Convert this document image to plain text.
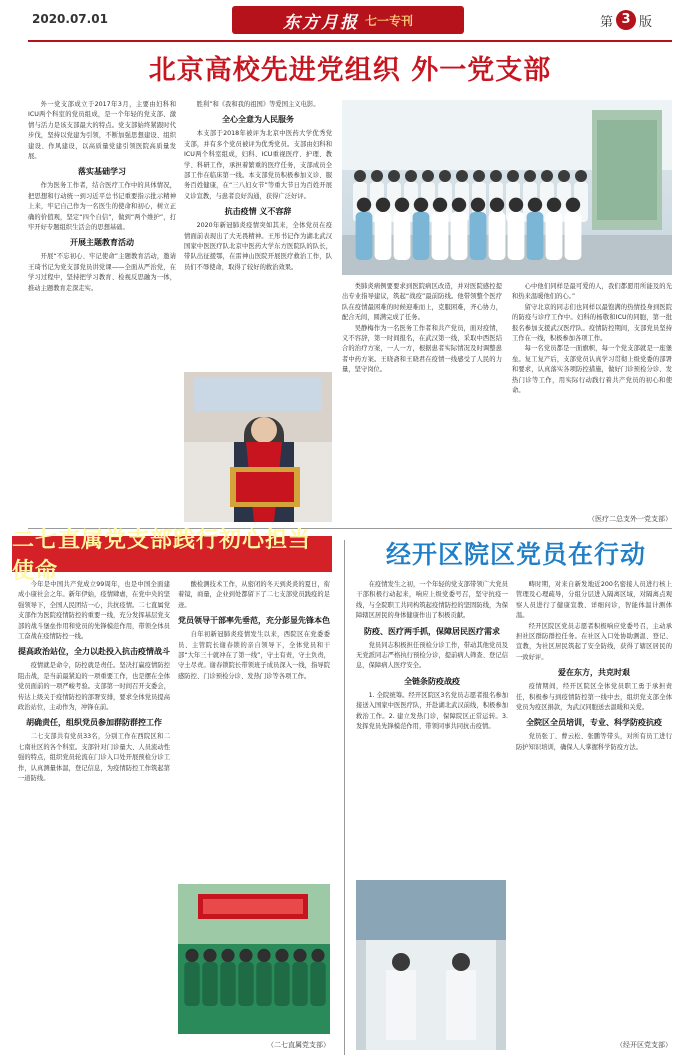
2020.07.01	东方月报 七一专刊	第 3 版
北京高校先进党组织 外一党支部

外一党支部成立于2017年3月，主要由妇科和ICU两个科室的党员组成，是一个年轻的党支部、激情与活力是该支部最大的特点。党支部始终紧跟时代步伐，坚持以党建为引领，不断加强思想建设、组织建设、作风建设，以高质量党建引领医院高质量发展。

落实基础学习

作为医务工作者，结合医疗工作中的具体情况，把思想和行动统一到习近平总书记重要指示批示精神上来，牢记自己作为一名医生的使命和初心，树立正确的价值观，坚定“四个自信”，做到“两个维护”，打牢开好专题组织生活会的思想基础。

开展主题教育活动

开展“不忘初心、牢记使命”主题教育活动，邀请王琦书记为党支部党员讲党课——全面从严治党，在学习过程中，坚持把学习教育、检视反思融为一体，推动主题教育走深走实。

胜利”和《我和我的祖国》等爱国主义电影。

全心全意为人民服务

本支部于2018年被评为北京中医药大学优秀党支部，并有多个党员被评为优秀党员。支部由妇科和ICU两个科室组成，妇科、ICU重视医疗、护理、教学、科研工作，承担着繁重的医疗任务，支部成员全部工作在临床第一线。本支部党员积极参加义诊、服务百姓健康，在“三八妇女节”等重大节日为百姓开展义诊宣教，与患者良好沟通，获得广泛好评。

抗击疫情 义不容辞

2020年新冠肺炎疫情突如其来，全体党员在疫情面前表现出了大无畏精神。王彤书记作为湖北武汉国家中医医疗队北京中医药大学东方医院队的队长，带队出征援鄂，在雷神山医院开展医疗救治工作，队员们不辱使命，取得了较好的救治效果。

类肺炎病例要要求到医院病区改造，并对医院感控提出专业指导建议，筑起“战疫”最前防线。他带领整个医疗队在疫情最困难的时候迎难而上，克服困难，齐心协力，配合无间，圆满完成了任务。

吴静梅作为一名医务工作者和共产党员，面对疫情，义不容辞，第一时间报名，在武汉第一线，采取中西医结合的治疗方案，一人一方，根据患者实际情况及时调整患者中药方案。王晓斋和王晓君在疫情一线感受了人民的力量，坚守岗位。

心中他们同样是最可爱的人，我们都愿用所能及的光和热来温暖他们的心。”

留守北京的同志们也同样以最饱满的热情投身到医院的防疫与诊疗工作中。妇科的杨敬和ICU的同胞，第一批报名参加支援武汉医疗队。疫情防控期间，支部党员坚持工作在一线，积极参加各项工作。

每一名党员都是一面旗帜，每一个党支部就是一座堡垒。复工复产后，支部党员认真学习贯彻上级党委的部署和要求，认真落实各项防控措施，做好门诊预检分诊、发热门诊等工作，用实际行动践行着共产党员的初心和使命。

（医疗二总支外一党支部）
二七直属党支部践行初心担当使命

今年是中国共产党成立99周年，也是中国全面建成小康社会之年。新年伊始，疫情肆虐，在党中央的坚强领导下，全国人民团结一心，共抗疫情。二七直属党支部作为医院疫情防控的重要一线，充分发挥基层党支部的战斗堡垒作用和党员的先锋模范作用，带领全体员工奋战在疫情防控一线。

提高政治站位，全力以赴投入抗击疫情战斗

疫情就是命令，防控就是责任。坚决打赢疫情防控阻击战，是当前最紧迫的一项重要工作，也是摆在全体党员面前的一项严峻考验。支部第一时间召开支委会，传达上级关于疫情防控的部署安排，要求全体党员提高政治站位，主动作为，冲锋在前。

胡确责任，组织党员参加群防群控工作

二七支部共有党员33名，分别工作在西院区和二七南社区的各个科室。支部针对门诊量大、人员流动性强的特点，组织党员轮流在门诊入口处开展预检分诊工作，认真测量体温，登记信息，为疫情防控工作筑起第一道防线。

酸检测技术工作，从密闭的冬天到炎炎的夏日，衔着镜，商量，企业到处都留下了二七支部党员践疫的足迹。

党员领导干部率先垂范，充分彭显先锋本色

自年初新冠肺炎疫情发生以来，西院区在党委委员、主管院长谢春锁的亲自领导下，全体党员和干部“大年三十就冲在了第一线”，守土有责，守土负责，守土尽责。谢春锁院长带领班子成员深入一线，指导院感防控、门诊预检分诊、发热门诊等各项工作。

（二七直属党支部）
经开区院区党员在行动

在疫情发生之初，一个年轻的党支部带领广大党员干部积极行动起来，响应上级党委号召，坚守抗疫一线，与全院职工共同构筑起疫情防控的坚固防线，为保障辖区居民的身体健康作出了积极贡献。

防疫、医疗两手抓，保障居民医疗需求

党员同志积极担任预检分诊工作，带动其他党员及无党派同志严格执行预检分诊，提前病人筛查、登记信息，保障病人医疗安全。

全链条防疫战疫

1. 全院统筹。经开区院区3名党员志愿者报名参加接送入国家中医医疗队，开赴湖北武汉前线，积极参加救治工作。2. 建立发热门诊，保障院区正常运转。3. 发挥党员先锋模范作用，带领同事共同抗击疫情。

畴时期，对来自新发地近200名密接人员进行核上管理及心理疏导，分组分层进入隔离区域，对隔离点观察人员进行了健康宣教、详细问诊，智能体温计测体温。

经开区院区党员志愿者积极响应党委号召，主动承担社区群防群控任务。在社区入口处协助测温、登记、宣教，为社区居民筑起了安全防线，获得了辖区居民的一致好评。

爱在东方，共克时艰

疫情期间，经开区院区全体党员职工勇于承担责任，积极参与到疫情防控第一线中去，组织党支部全体党员为疫区捐款，为武汉同胞送去温暖和关爱。

全院区全员培训，专业、科学防疫抗疫

党员张丁、曹云松、张鹏等带头，对所有员工进行防护知识培训，确保人人掌握科学防疫方法。

（经开区党支部）
